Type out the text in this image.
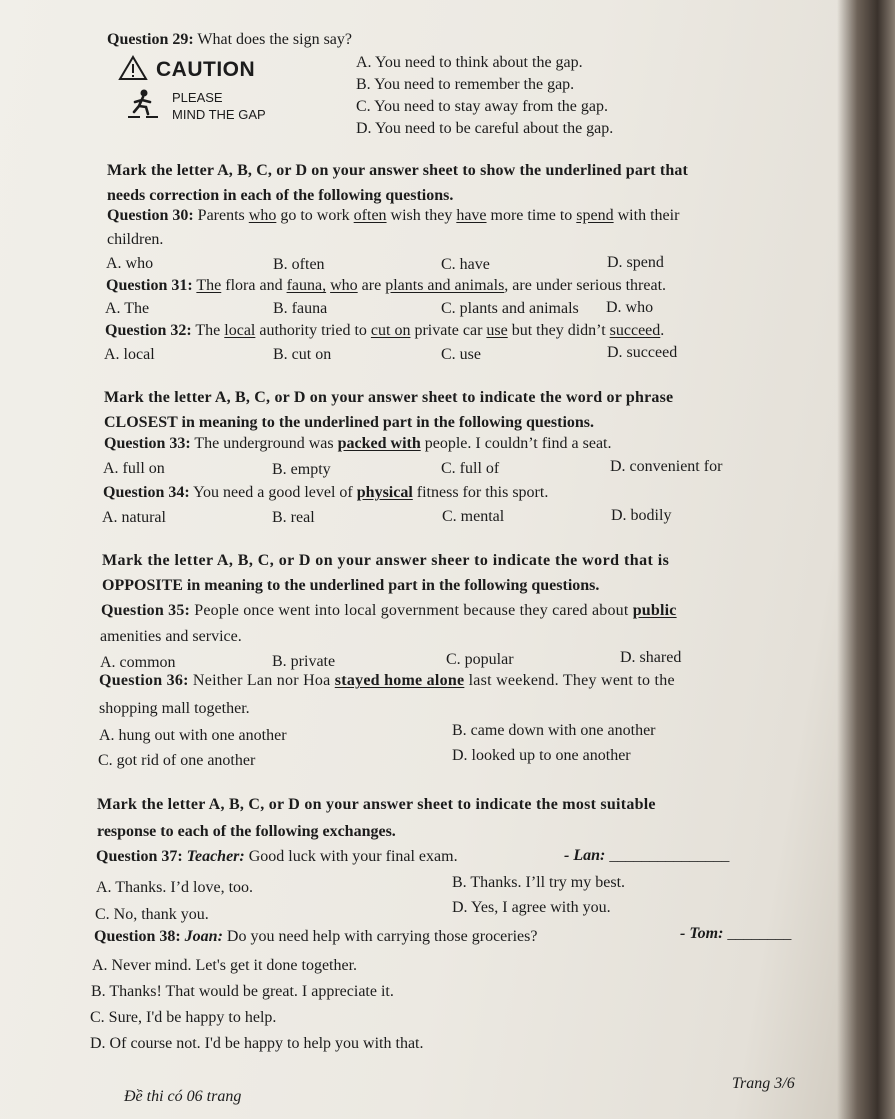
Question 29: What does the sign say?
CAUTION
PLEASE
MIND THE GAP
A. You need to think about the gap.
B. You need to remember the gap.
C. You need to stay away from the gap.
D. You need to be careful about the gap.
Mark the letter A, B, C, or D on your answer sheet to show the underlined part that
needs correction in each of the following questions.
Question 30: Parents who go to work often wish they have more time to spend with their
children.
A. who	B. often	C. have	D. spend
Question 31: The flora and fauna, who are plants and animals, are under serious threat.
A. The	B. fauna	C. plants and animals D. who
Question 32: The local authority tried to cut on private car use but they didn’t succeed.
A. local	B. cut on	C. use	D. succeed
Mark the letter A, B, C, or D on your answer sheet to indicate the word or phrase
CLOSEST in meaning to the underlined part in the following questions.
Question 33: The underground was packed with people. I couldn’t find a seat.
A. full on	B. empty	C. full of	D. convenient for
Question 34: You need a good level of physical fitness for this sport.
A. natural	B. real	C. mental	D. bodily
Mark the letter A, B, C, or D on your answer sheer to indicate the word that is
OPPOSITE in meaning to the underlined part in the following questions.
Question 35: People once went into local government because they cared about public
amenities and service.
A. common	B. private	C. popular	D. shared
Question 36: Neither Lan nor Hoa stayed home alone last weekend. They went to the
shopping mall together.
A. hung out with one another	B. came down with one another
C. got rid of one another	D. looked up to one another
Mark the letter A, B, C, or D on your answer sheet to indicate the most suitable
response to each of the following exchanges.
Question 37: Teacher: Good luck with your final exam.	- Lan: _______________
A. Thanks. I’d love, too.	B. Thanks. I’ll try my best.
C. No, thank you.	D. Yes, I agree with you.
Question 38: Joan: Do you need help with carrying those groceries?	- Tom: ________
A. Never mind. Let's get it done together.
B. Thanks! That would be great. I appreciate it.
C. Sure, I'd be happy to help.
D. Of course not. I'd be happy to help you with that.
Đề thi có 06 trang
Trang 3/6
